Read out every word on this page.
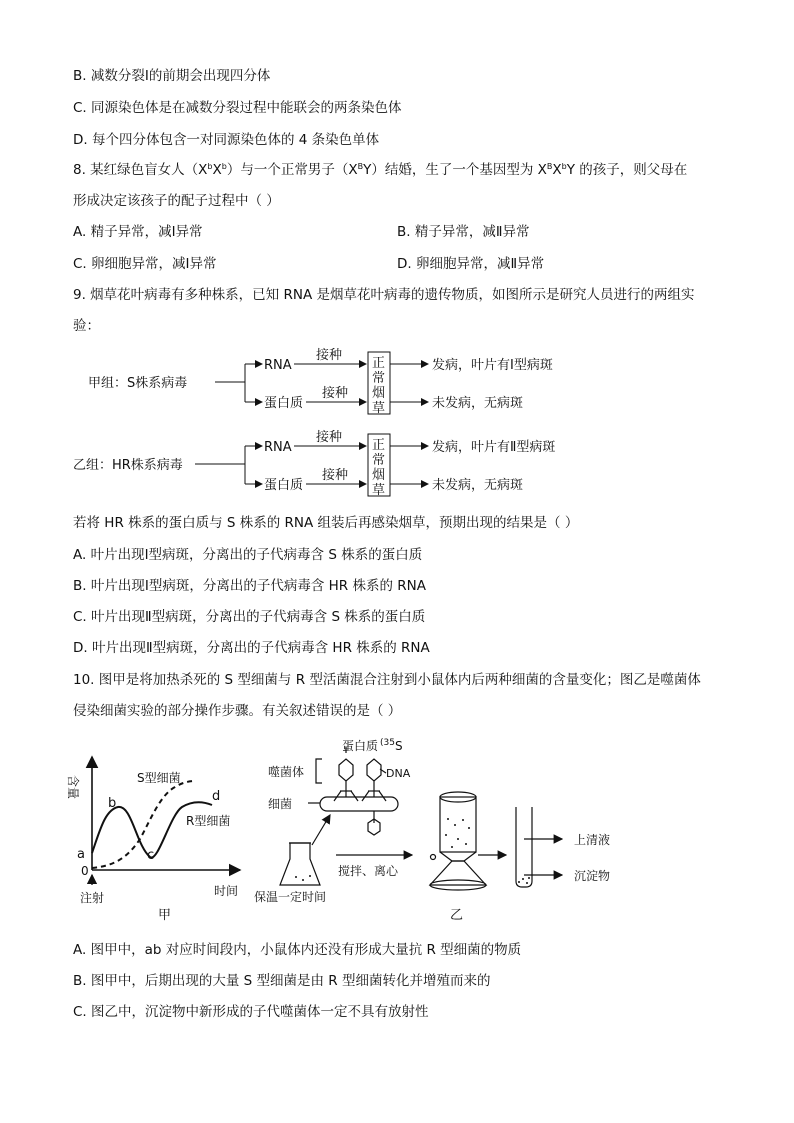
B. 减数分裂Ⅰ的前期会出现四分体
C. 同源染色体是在减数分裂过程中能联会的两条染色体
D. 每个四分体包含一对同源染色体的 4 条染色单体
8. 某红绿色盲女人$(X^bX^b)$与一个正常男子$(X^BY)$结婚，生了一个基因型为 $X^BX^bY$ 的孩子，则父母在
形成决定该孩子的配子过程中（ ）
A. 精子异常，减Ⅰ异常	B. 精子异常，减Ⅱ异常
C. 卵细胞异常，减Ⅰ异常	D. 卵细胞异常，减Ⅱ异常
9. 烟草花叶病毒有多种株系，已知 RNA 是烟草花叶病毒的遗传物质，如图所示是研究人员进行的两组实
验：
甲组：S株系病毒
乙组：HR株系病毒
RNA
蛋白质
接种
接种
RNA
蛋白质
接种
接种
正
常
烟
草
正
常
烟
草
发病，叶片有Ⅰ型病斑
未发病，无病斑
发病，叶片有Ⅱ型病斑
未发病，无病斑
若将 HR 株系的蛋白质与 S 株系的 RNA 组装后再感染烟草，预期出现的结果是（ ）
A. 叶片出现Ⅰ型病斑，分离出的子代病毒含 S 株系的蛋白质
B. 叶片出现Ⅰ型病斑，分离出的子代病毒含 HR 株系的 RNA
C. 叶片出现Ⅱ型病斑，分离出的子代病毒含 S 株系的蛋白质
D. 叶片出现Ⅱ型病斑，分离出的子代病毒含 HR 株系的 RNA
10. 图甲是将加热杀死的 S 型细菌与 R 型活菌混合注射到小鼠体内后两种细菌的含量变化；图乙是噬菌体
侵染细菌实验的部分操作步骤。有关叙述错误的是（ ）
含量	S型细菌
R型细菌
a
b
c
d
0
注射	时间
甲
蛋白质 (35S
噬菌体	DNA
细菌
保温一定时间
搅拌、离心
上清液
沉淀物
乙
A. 图甲中，ab 对应时间段内，小鼠体内还没有形成大量抗 R 型细菌的物质
B. 图甲中，后期出现的大量 S 型细菌是由 R 型细菌转化并增殖而来的
C. 图乙中，沉淀物中新形成的子代噬菌体一定不具有放射性
